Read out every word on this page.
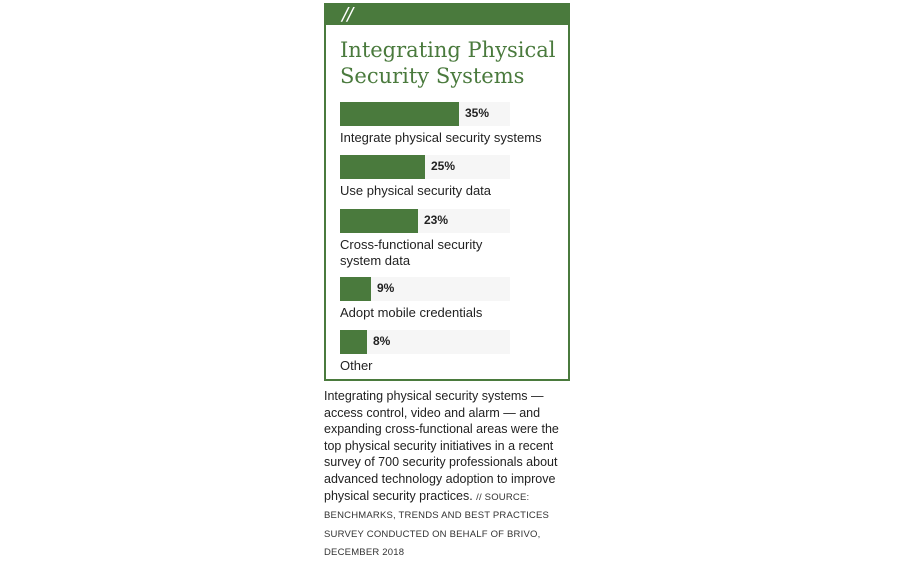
//
Integrating Physical Security Systems
35%
Integrate physical security systems
25%
Use physical security data
23%
Cross-functional security
system data
9%
Adopt mobile credentials
8%
Other
Integrating physical security systems — access control, video and alarm — and expanding cross-functional areas were the top physical security initiatives in a recent survey of 700 security professionals about advanced technology adoption to improve physical security practices. // SOURCE: BENCHMARKS, TRENDS AND BEST PRACTICES SURVEY CONDUCTED ON BEHALF OF BRIVO, DECEMBER 2018
